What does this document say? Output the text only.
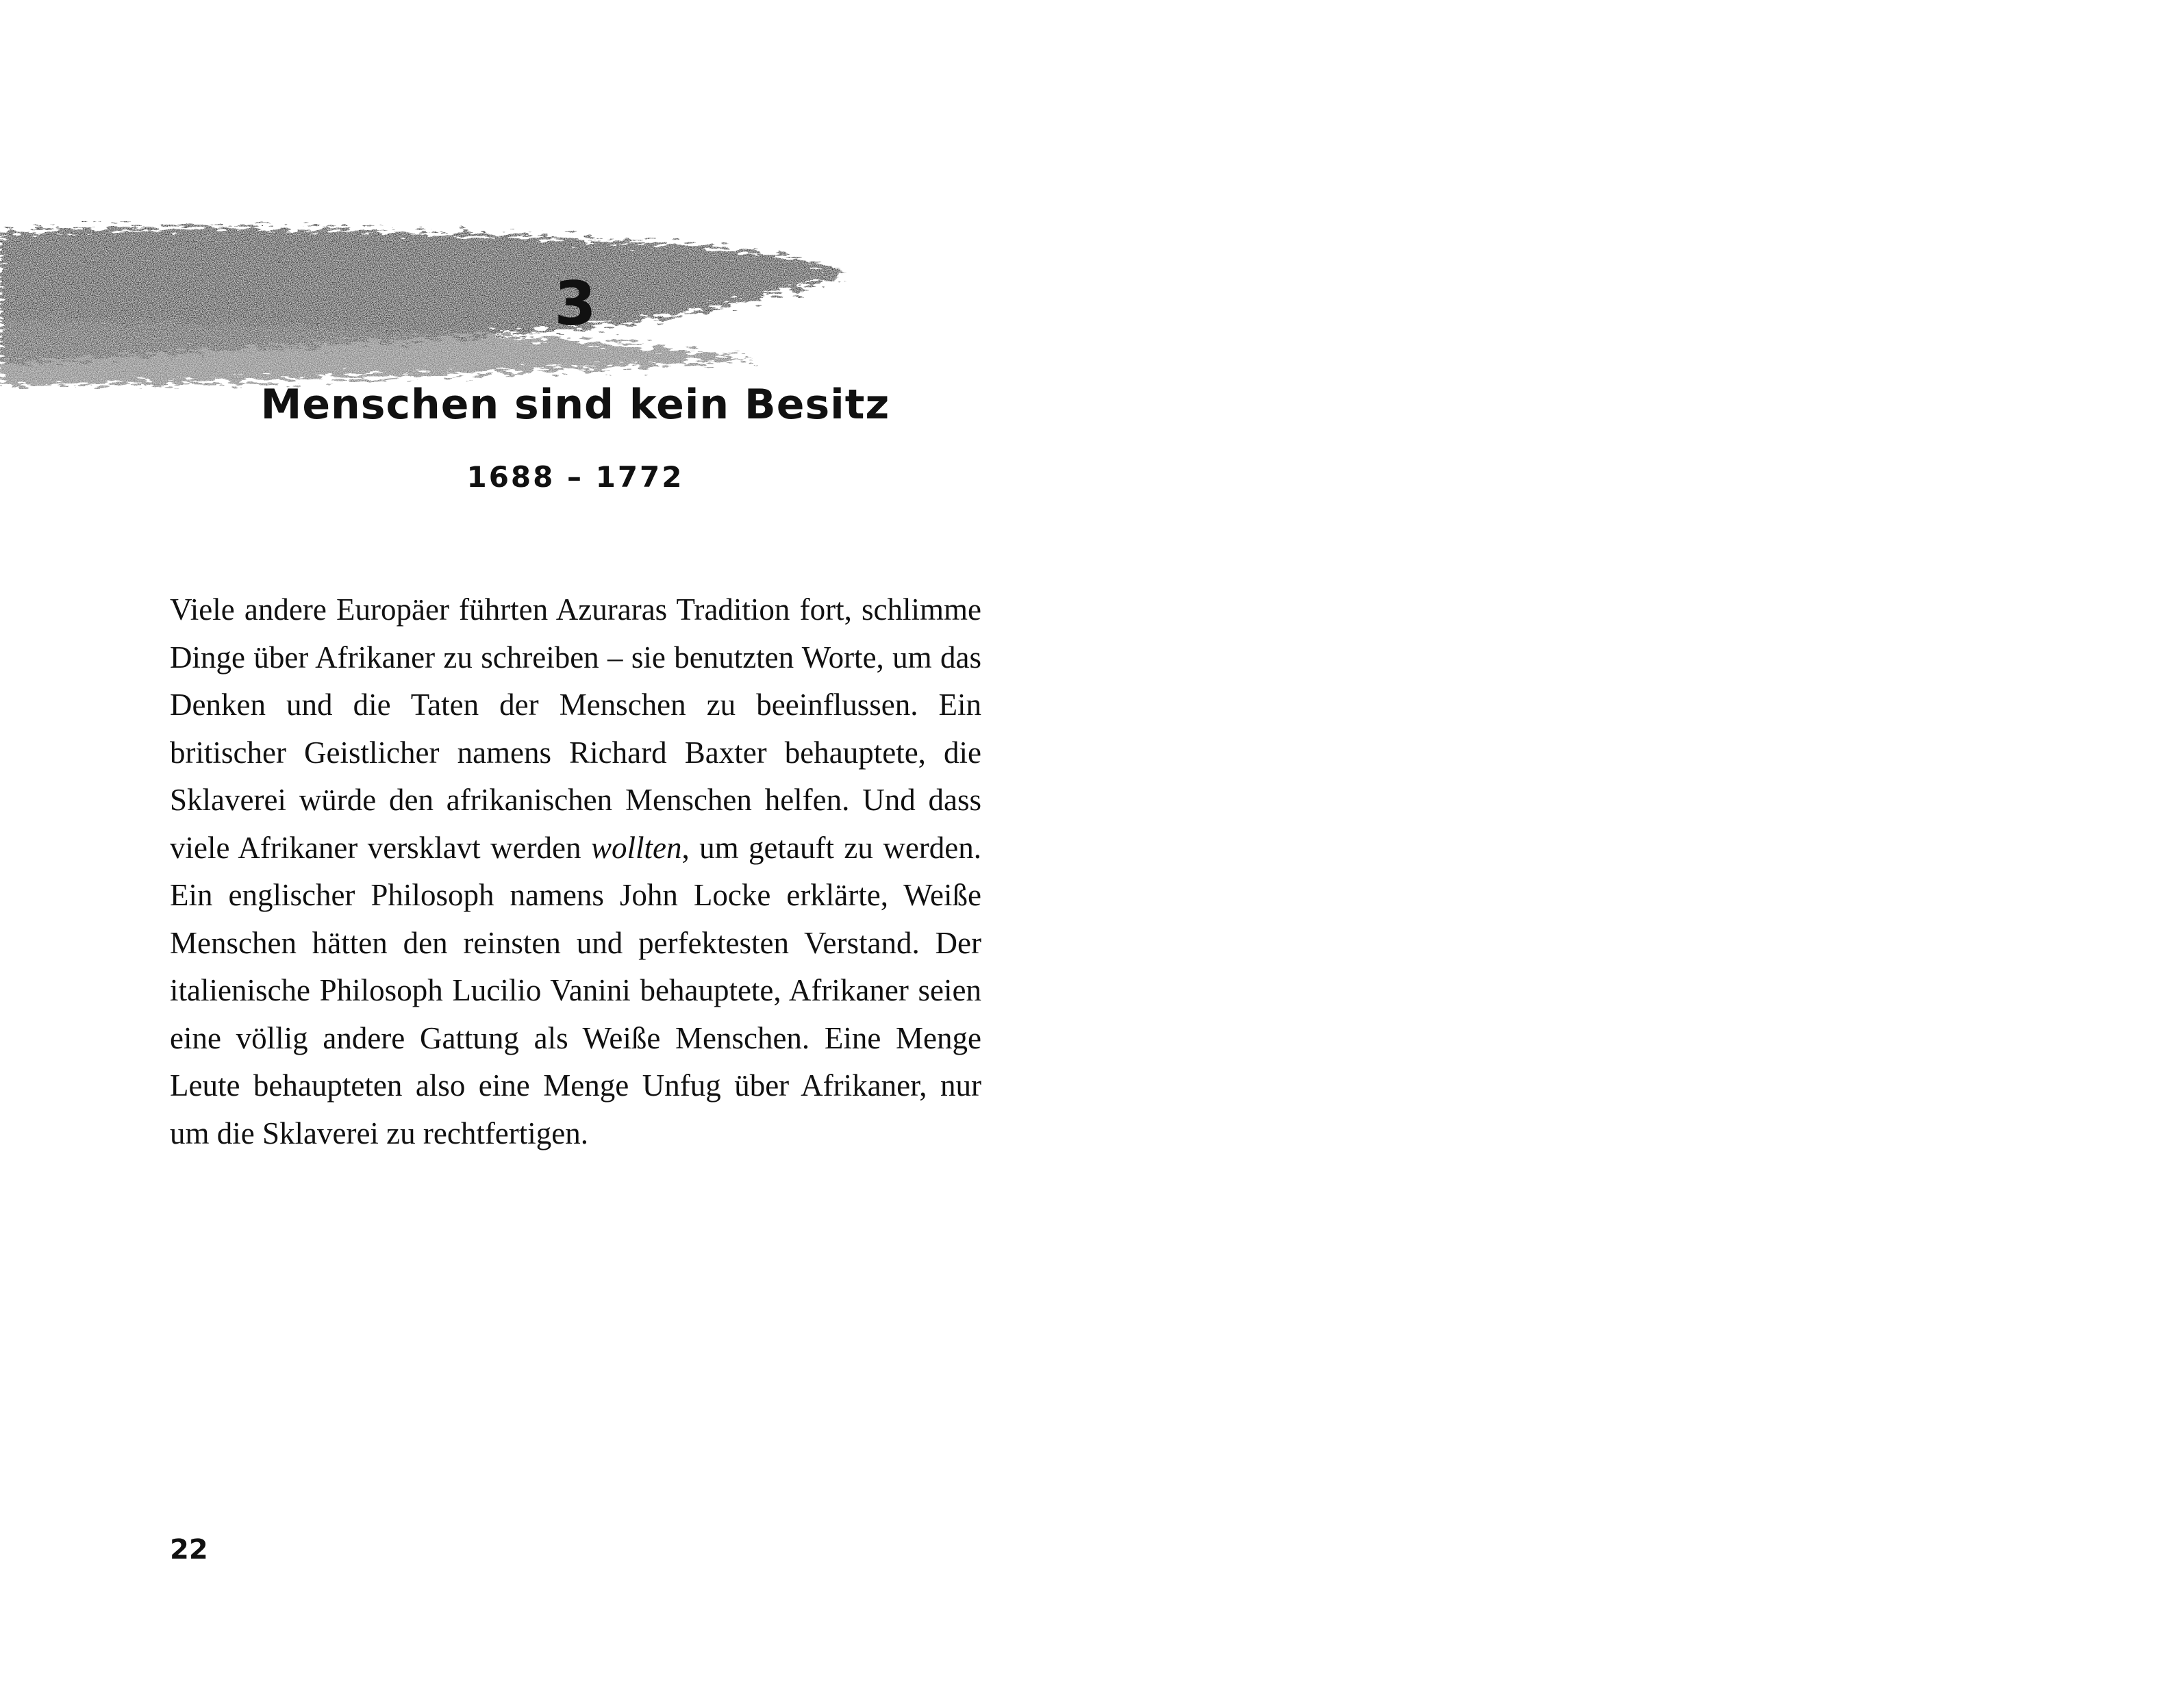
3
Menschen sind kein Besitz
1688 – 1772

Viele andere Europäer führten Azuraras Tradition fort, schlimme Dinge über Afrikaner zu schreiben – sie benutzten Worte, um das Denken und die Taten der Menschen zu beeinflussen. Ein britischer Geistlicher namens Richard Baxter behauptete, die Sklaverei würde den afrikanischen Menschen helfen. Und dass viele Afrikaner versklavt werden wollten, um getauft zu werden. Ein englischer Philosoph namens John Locke erklärte, Weiße Menschen hätten den reinsten und perfektesten Verstand. Der italienische Philosoph Lucilio Vanini behauptete, Afrikaner seien eine völlig andere Gattung als Weiße Menschen. Eine Menge Leute behaupteten also eine Menge Unfug über Afrikaner, nur um die Sklaverei zu rechtfertigen.

22
